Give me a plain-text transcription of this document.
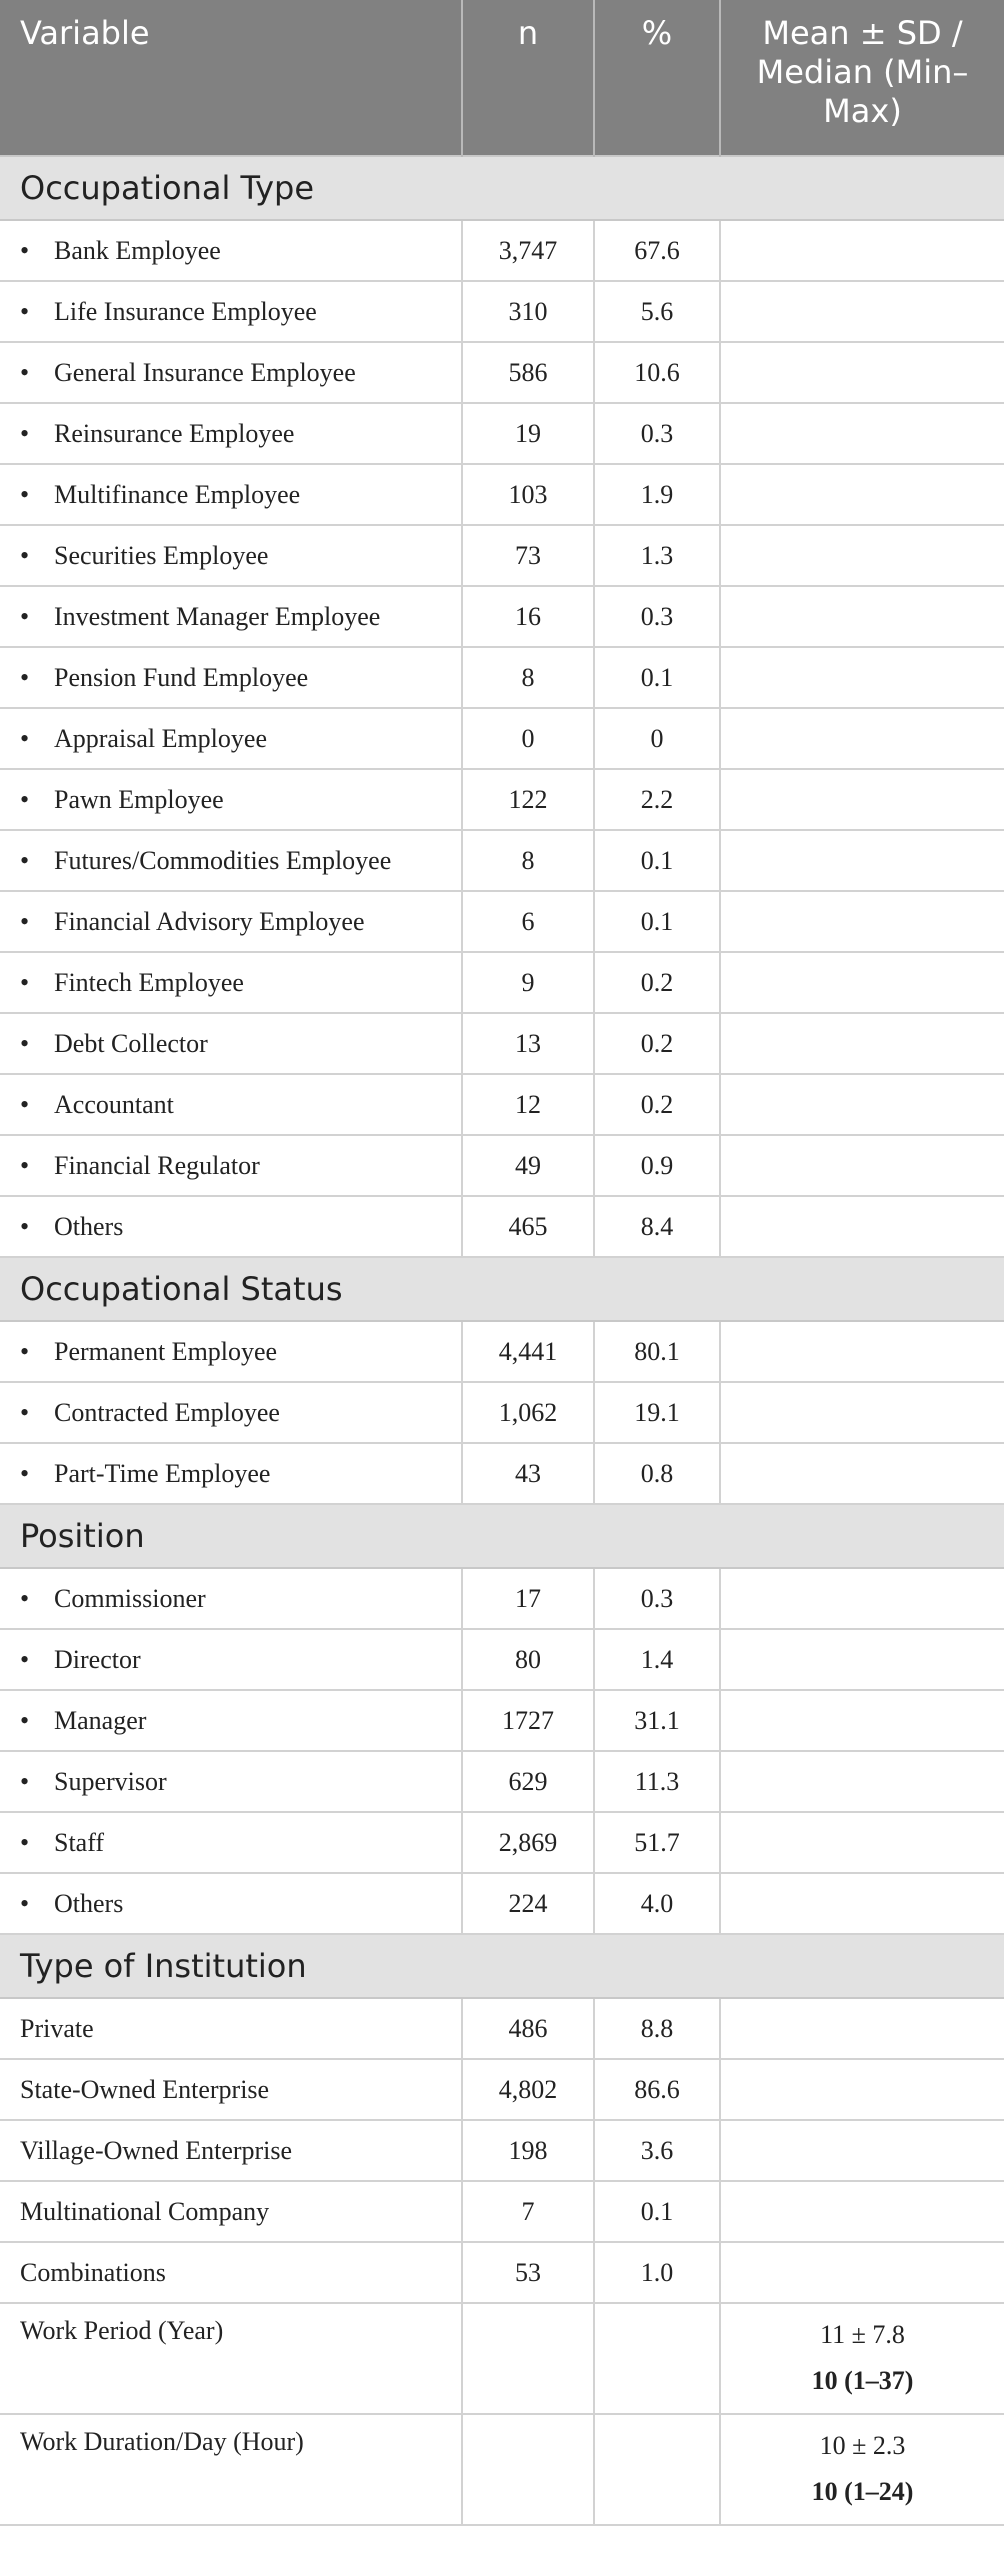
Variable	n	%	Mean ± SD /
Median (Min–
Max)
Occupational Type			
• Bank Employee	3,747	67.6	
• Life Insurance Employee	310	5.6	
• General Insurance Employee	586	10.6	
• Reinsurance Employee	19	0.3	
• Multifinance Employee	103	1.9	
• Securities Employee	73	1.3	
• Investment Manager Employee	16	0.3	
• Pension Fund Employee	8	0.1	
• Appraisal Employee	0	0	
• Pawn Employee	122	2.2	
• Futures/Commodities Employee	8	0.1	
• Financial Advisory Employee	6	0.1	
• Fintech Employee	9	0.2	
• Debt Collector	13	0.2	
• Accountant	12	0.2	
• Financial Regulator	49	0.9	
• Others	465	8.4	
Occupational Status			
• Permanent Employee	4,441	80.1	
• Contracted Employee	1,062	19.1	
• Part-Time Employee	43	0.8	
Position			
• Commissioner	17	0.3	
• Director	80	1.4	
• Manager	1727	31.1	
• Supervisor	629	11.3	
• Staff	2,869	51.7	
• Others	224	4.0	
Type of Institution			
Private	486	8.8	
State-Owned Enterprise	4,802	86.6	
Village-Owned Enterprise	198	3.6	
Multinational Company	7	0.1	
Combinations	53	1.0	
Work Period (Year)			11 ± 7.8
10 (1–37)

Work Duration/Day (Hour)			10 ± 2.3
10 (1–24)
